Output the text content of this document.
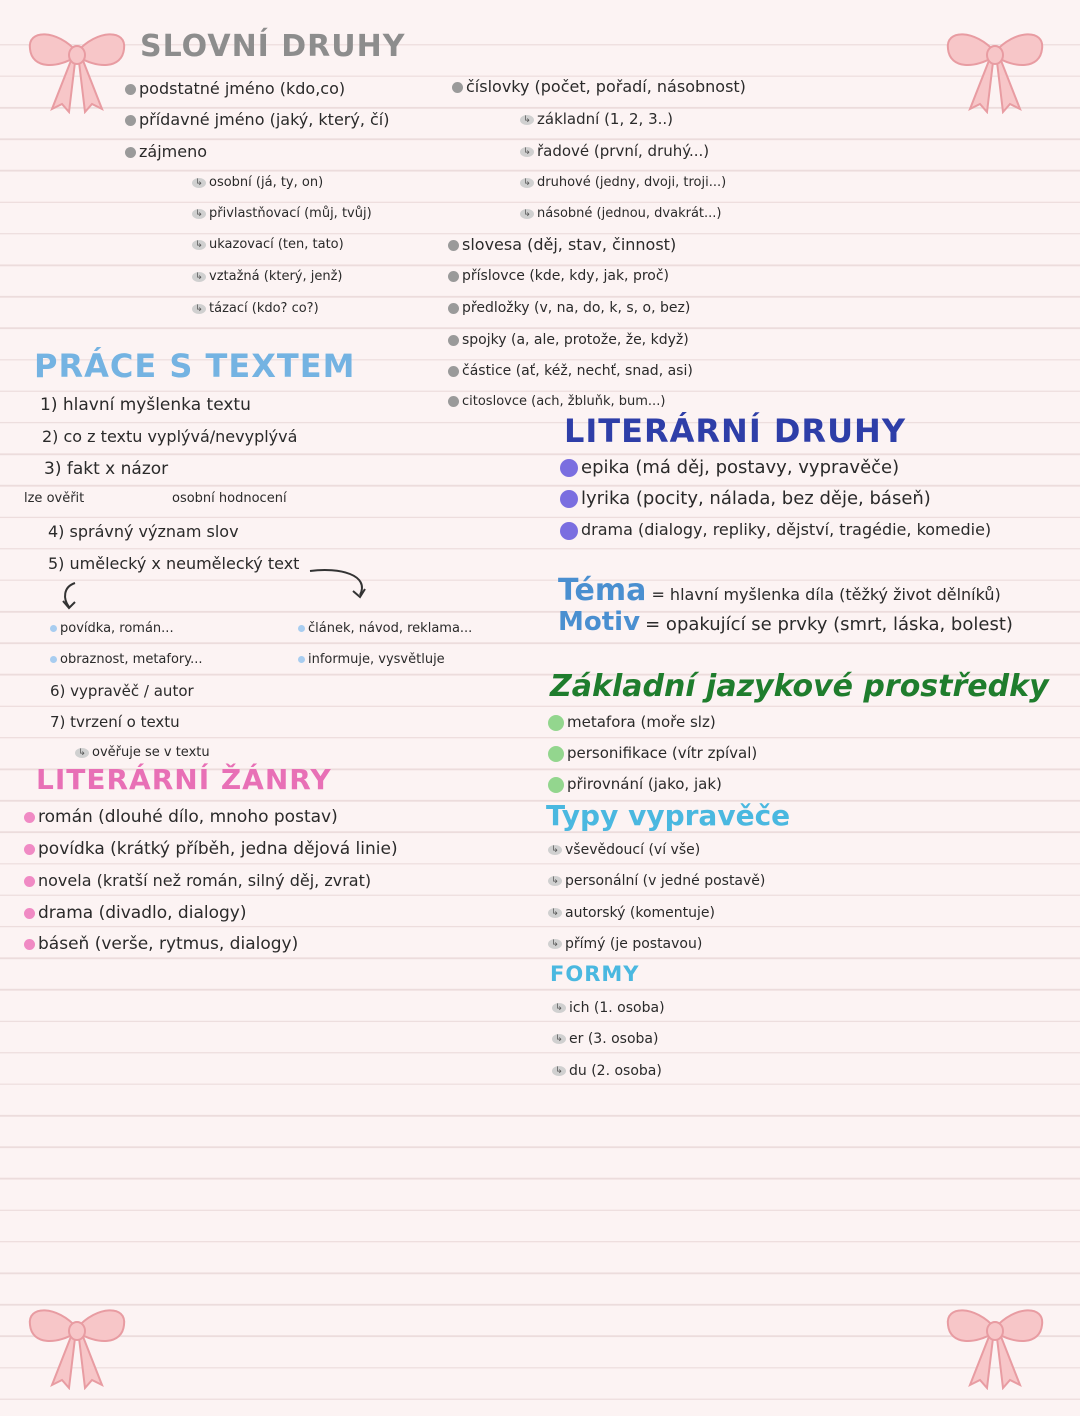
SLOVNÍ DRUHY
podstatné jméno (kdo,co)
přídavné jméno (jaký, který, čí)
zájmeno
↳ osobní (já, ty, on)
↳ přivlastňovací (můj, tvůj)
↳ ukazovací (ten, tato)
↳ vztažná (který, jenž)
↳ tázací (kdo? co?)
číslovky (počet, pořadí, násobnost)
↳ základní (1, 2, 3..)
↳ řadové (první, druhý...)
↳ druhové (jedny, dvoji, troji...)
↳ násobné (jednou, dvakrát...)
slovesa (děj, stav, činnost)
příslovce (kde, kdy, jak, proč)
předložky (v, na, do, k, s, o, bez)
spojky (a, ale, protože, že, když)
částice (ať, kéž, nechť, snad, asi)
citoslovce (ach, žbluňk, bum...)
PRÁCE S TEXTEM
1) hlavní myšlenka textu
2) co z textu vyplývá/nevyplývá
3) fakt x názor
lze ověřit	osobní hodnocení
4) správný význam slov
5) umělecký x neumělecký text
povídka, román...
obraznost, metafory...
článek, návod, reklama...
informuje, vysvětluje
6) vypravěč / autor
7) tvrzení o textu
↳ ověřuje se v textu
LITERÁRNÍ ŽÁNRY
román (dlouhé dílo, mnoho postav)
povídka (krátký příběh, jedna dějová linie)
novela (kratší než román, silný děj, zvrat)
drama (divadlo, dialogy)
báseň (verše, rytmus, dialogy)
LITERÁRNÍ DRUHY
epika (má děj, postavy, vypravěče)
lyrika (pocity, nálada, bez děje, báseň)
drama (dialogy, repliky, dějství, tragédie, komedie)
Téma = hlavní myšlenka díla (těžký život dělníků)
Motiv = opakující se prvky (smrt, láska, bolest)
Základní jazykové prostředky
metafora (moře slz)
personifikace (vítr zpíval)
přirovnání (jako, jak)
Typy vypravěče
↳ vševědoucí (ví vše)
↳ personální (v jedné postavě)
↳ autorský (komentuje)
↳ přímý (je postavou)
FORMY
↳ ich (1. osoba)
↳ er (3. osoba)
↳ du (2. osoba)
